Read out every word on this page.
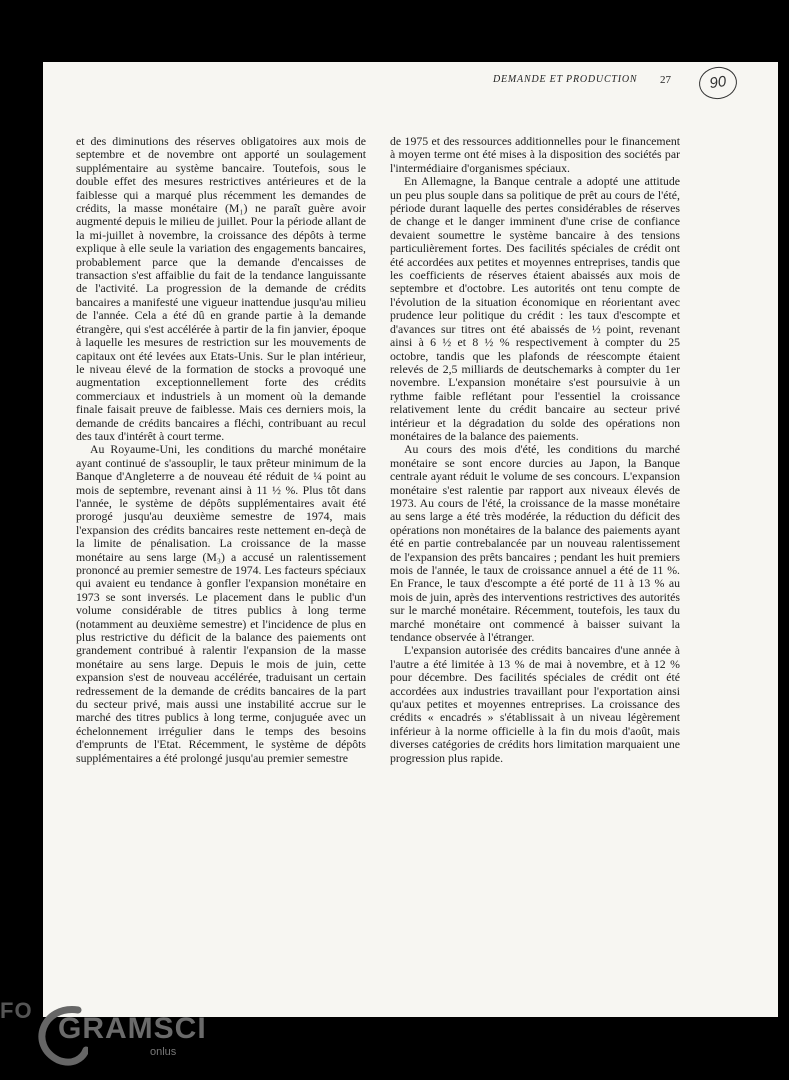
DEMANDE ET PRODUCTION 27	90

et des diminutions des réserves obligatoires aux mois de septembre et de novembre ont apporté un soulagement supplémentaire au système bancaire. Toutefois, sous le double effet des mesures restrictives antérieures et de la faiblesse qui a marqué plus récemment les demandes de crédits, la masse monétaire (M₁) ne paraît guère avoir augmenté depuis le milieu de juillet. Pour la période allant de la mi-juillet à novembre, la croissance des dépôts à terme explique à elle seule la variation des engagements bancaires, probablement parce que la demande d'encaisses de transaction s'est affaiblie du fait de la tendance languissante de l'activité. La progression de la demande de crédits bancaires a manifesté une vigueur inattendue jusqu'au milieu de l'année. Cela a été dû en grande partie à la demande étrangère, qui s'est accélérée à partir de la fin janvier, époque à laquelle les mesures de restriction sur les mouvements de capitaux ont été levées aux Etats-Unis. Sur le plan intérieur, le niveau élevé de la formation de stocks a provoqué une augmentation exceptionnellement forte des crédits commerciaux et industriels à un moment où la demande finale faisait preuve de faiblesse. Mais ces derniers mois, la demande de crédits bancaires a fléchi, contribuant au recul des taux d'intérêt à court terme.

Au Royaume-Uni, les conditions du marché monétaire ayant continué de s'assouplir, le taux prêteur minimum de la Banque d'Angleterre a de nouveau été réduit de ¼ point au mois de septembre, revenant ainsi à 11 ½ %. Plus tôt dans l'année, le système de dépôts supplémentaires avait été prorogé jusqu'au deuxième semestre de 1974, mais l'expansion des crédits bancaires reste nettement en-deçà de la limite de pénalisation. La croissance de la masse monétaire au sens large (M₃) a accusé un ralentissement prononcé au premier semestre de 1974. Les facteurs spéciaux qui avaient eu tendance à gonfler l'expansion monétaire en 1973 se sont inversés. Le placement dans le public d'un volume considérable de titres publics à long terme (notamment au deuxième semestre) et l'incidence de plus en plus restrictive du déficit de la balance des paiements ont grandement contribué à ralentir l'expansion de la masse monétaire au sens large. Depuis le mois de juin, cette expansion s'est de nouveau accélérée, traduisant un certain redressement de la demande de crédits bancaires de la part du secteur privé, mais aussi une instabilité accrue sur le marché des titres publics à long terme, conjuguée avec un échelonnement irrégulier dans le temps des besoins d'emprunts de l'Etat. Récemment, le système de dépôts supplémentaires a été prolongé jusqu'au premier semestre

de 1975 et des ressources additionnelles pour le financement à moyen terme ont été mises à la disposition des sociétés par l'intermédiaire d'organismes spéciaux.

En Allemagne, la Banque centrale a adopté une attitude un peu plus souple dans sa politique de prêt au cours de l'été, période durant laquelle des pertes considérables de réserves de change et le danger imminent d'une crise de confiance devaient soumettre le système bancaire à des tensions particulièrement fortes. Des facilités spéciales de crédit ont été accordées aux petites et moyennes entreprises, tandis que les coefficients de réserves étaient abaissés aux mois de septembre et d'octobre. Les autorités ont tenu compte de l'évolution de la situation économique en réorientant avec prudence leur politique du crédit : les taux d'escompte et d'avances sur titres ont été abaissés de ½ point, revenant ainsi à 6 ½ et 8 ½ % respectivement à compter du 25 octobre, tandis que les plafonds de réescompte étaient relevés de 2,5 milliards de deutschemarks à compter du 1er novembre. L'expansion monétaire s'est poursuivie à un rythme faible reflétant pour l'essentiel la croissance relativement lente du crédit bancaire au secteur privé intérieur et la dégradation du solde des opérations non monétaires de la balance des paiements.

Au cours des mois d'été, les conditions du marché monétaire se sont encore durcies au Japon, la Banque centrale ayant réduit le volume de ses concours. L'expansion monétaire s'est ralentie par rapport aux niveaux élevés de 1973. Au cours de l'été, la croissance de la masse monétaire au sens large a été très modérée, la réduction du déficit des opérations non monétaires de la balance des paiements ayant été en partie contrebalancée par un nouveau ralentissement de l'expansion des prêts bancaires ; pendant les huit premiers mois de l'année, le taux de croissance annuel a été de 11 %. En France, le taux d'escompte a été porté de 11 à 13 % au mois de juin, après des interventions restrictives des autorités sur le marché monétaire. Récemment, toutefois, les taux du marché monétaire ont commencé à baisser suivant la tendance observée à l'étranger.

L'expansion autorisée des crédits bancaires d'une année à l'autre a été limitée à 13 % de mai à novembre, et à 12 % pour décembre. Des facilités spéciales de crédit ont été accordées aux industries travaillant pour l'exportation ainsi qu'aux petites et moyennes entreprises. La croissance des crédits « encadrés » s'établissait à un niveau légèrement inférieur à la norme officielle à la fin du mois d'août, mais diverses catégories de crédits hors limitation marquaient une progression plus rapide.

FO
GRAMSCI
onlus
